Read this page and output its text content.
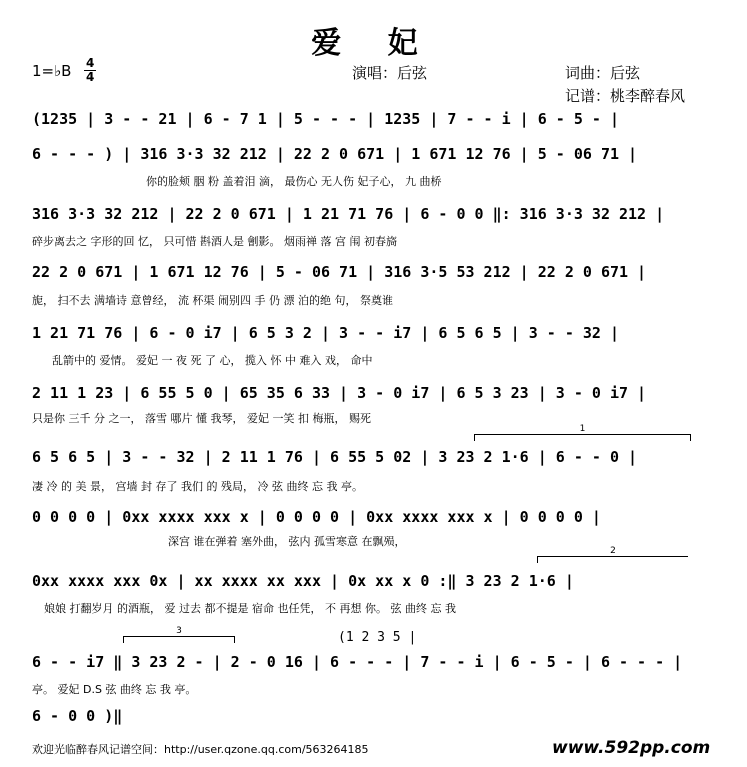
爱 妃
1=♭B 4
4	演唱：后弦	词曲：后弦
记谱：桃李醉春风
(1235 | 3 - - 21 | 6 - 7 1 | 5 - - - | 1235 | 7 - - i | 6 - 5 - |
6 - - - ) | 316 3·3 32 212 | 22 2 0 671 | 1 671 12 76 | 5 - 06 71 |
你的脸颊 胭 粉 盖着泪 滴， 最伤心 无人伤 妃子心， 九 曲桥
316 3·3 32 212 | 22 2 0 671 | 1 21 71 76 | 6 - 0 0 ‖: 316 3·3 32 212 |
碎步离去之 字形的回 忆， 只可惜 斟酒人是 劊影。 烟雨禅 落 宫 闱 初春旖
22 2 0 671 | 1 671 12 76 | 5 - 06 71 | 316 3·5 53 212 | 22 2 0 671 |
旎， 扫不去 满墙诗 意曾经， 流 杯渠 闹别四 手 仍 漂 泊的绝 句， 祭奠谁
1 21 71 76 | 6 - 0 i7 | 6 5 3 2 | 3 - - i7 | 6 5 6 5 | 3 - - 32 |
乱箭中的 爱情。 爱妃 一 夜 死 了 心， 揽入 怀 中 难入 戏， 命中
2 11 1 23 | 6 55 5 0 | 65 35 6 33 | 3 - 0 i7 | 6 5 3 23 | 3 - 0 i7 |
只是你 三千 分 之一， 落雪 哪片 懂 我琴， 爱妃 一笑 扣 梅瓶， 赐死
1
6 5 6 5 | 3 - - 32 | 2 11 1 76 | 6 55 5 02 | 3 23 2 1·6 | 6 - - 0 |
凄 冷 的 美 景， 宫墙 封 存了 我们 的 残局， 冷 弦 曲终 忘 我 亭。
0 0 0 0 | 0xx xxxx xxx x | 0 0 0 0 | 0xx xxxx xxx x | 0 0 0 0 |
深宫 谁在弹着 塞外曲， 弦内 孤雪寒意 在飘殒，
2
0xx xxxx xxx 0x | xx xxxx xx xxx | 0x xx x 0 :‖ 3 23 2 1·6 |
娘娘 打翻岁月 的酒瓶， 爱 过去 都不提是 宿命 也任凭， 不 再想 你。 弦 曲终 忘 我
3	(1 2 3 5 |
6 - - i7 ‖ 3 23 2 - | 2 - 0 16 | 6 - - - | 7 - - i | 6 - 5 - | 6 - - - |
亭。 爱妃 D.S 弦 曲终 忘 我 亭。
6 - 0 0 )‖
欢迎光临醉春风记谱空间：http://user.qzone.qq.com/563264185	www.592pp.com
